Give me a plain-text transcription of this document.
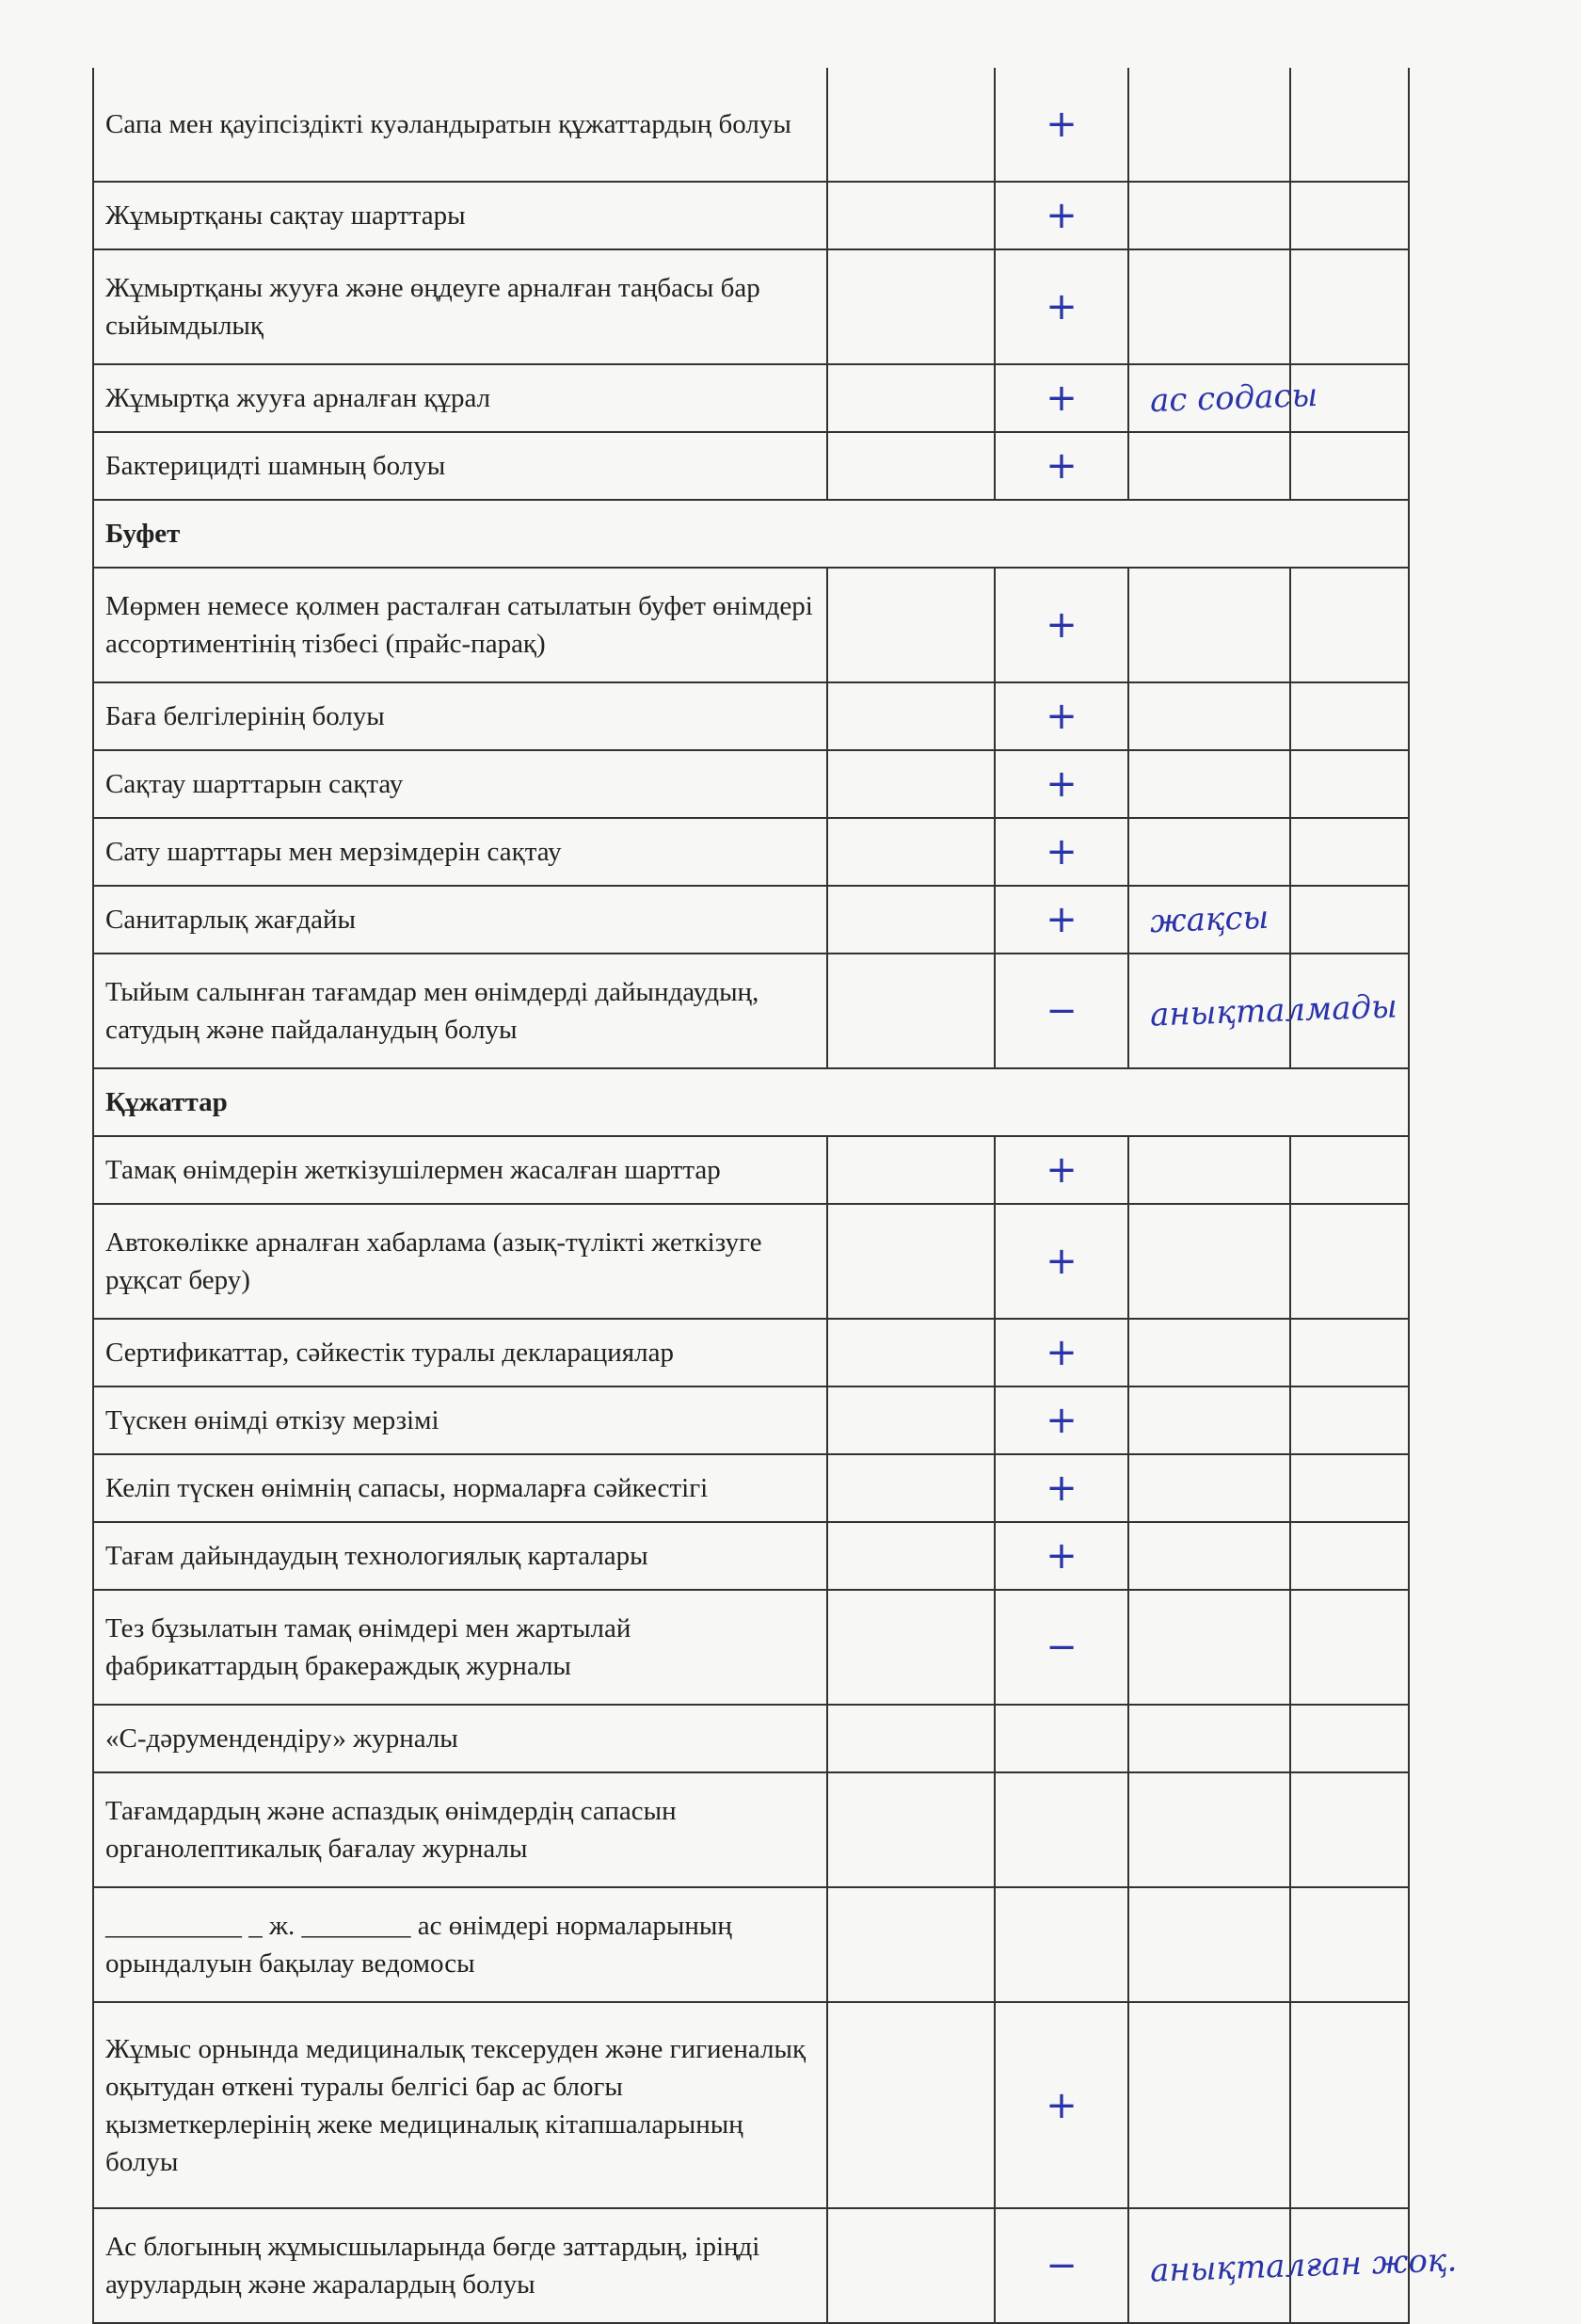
Сапа мен қауіпсіздікті куәландыратын құжаттардың болуы		+		
Жұмыртқаны сақтау шарттары		+		
Жұмыртқаны жууға және өңдеуге арналған таңбасы бар сыйымдылық		+		
Жұмыртқа жууға арналған құрал		+	ас содасы	
Бактерицидті шамның болуы		+		
Буфет				
Мөрмен немесе қолмен расталған сатылатын буфет өнімдері ассортиментінің тізбесі (прайс-парақ)		+		
Баға белгілерінің болуы		+		
Сақтау шарттарын сақтау		+		
Сату шарттары мен мерзімдерін сақтау		+		
Санитарлық жағдайы		+	жақсы	
Тыйым салынған тағамдар мен өнімдерді дайындаудың, сатудың және пайдаланудың болуы		−	анықталмады	
Құжаттар				
Тамақ өнімдерін жеткізушілермен жасалған шарттар		+		
Автокөлікке арналған хабарлама (азық-түлікті жеткізуге рұқсат беру)		+		
Сертификаттар, сәйкестік туралы декларациялар		+		
Түскен өнімді өткізу мерзімі		+		
Келіп түскен өнімнің сапасы, нормаларға сәйкестігі		+		
Тағам дайындаудың технологиялық карталары		+		
Тез бұзылатын тамақ өнімдері мен жартылай фабрикаттардың бракераждық журналы		−		
«С-дәрумендендіру» журналы				
Тағамдардың және аспаздық өнімдердің сапасын органолептикалық бағалау журналы				
__________ _ ж. ________ ас өнімдері нормаларының орындалуын бақылау ведомосы				
Жұмыс орнында медициналық тексеруден және гигиеналық оқытудан өткені туралы белгісі бар ас блогы қызметкерлерінің жеке медициналық кітапшаларының болуы		+		
Ас блогының жұмысшыларында бөгде заттардың, іріңді аурулардың және жаралардың болуы		−	анықталған жоқ.	
